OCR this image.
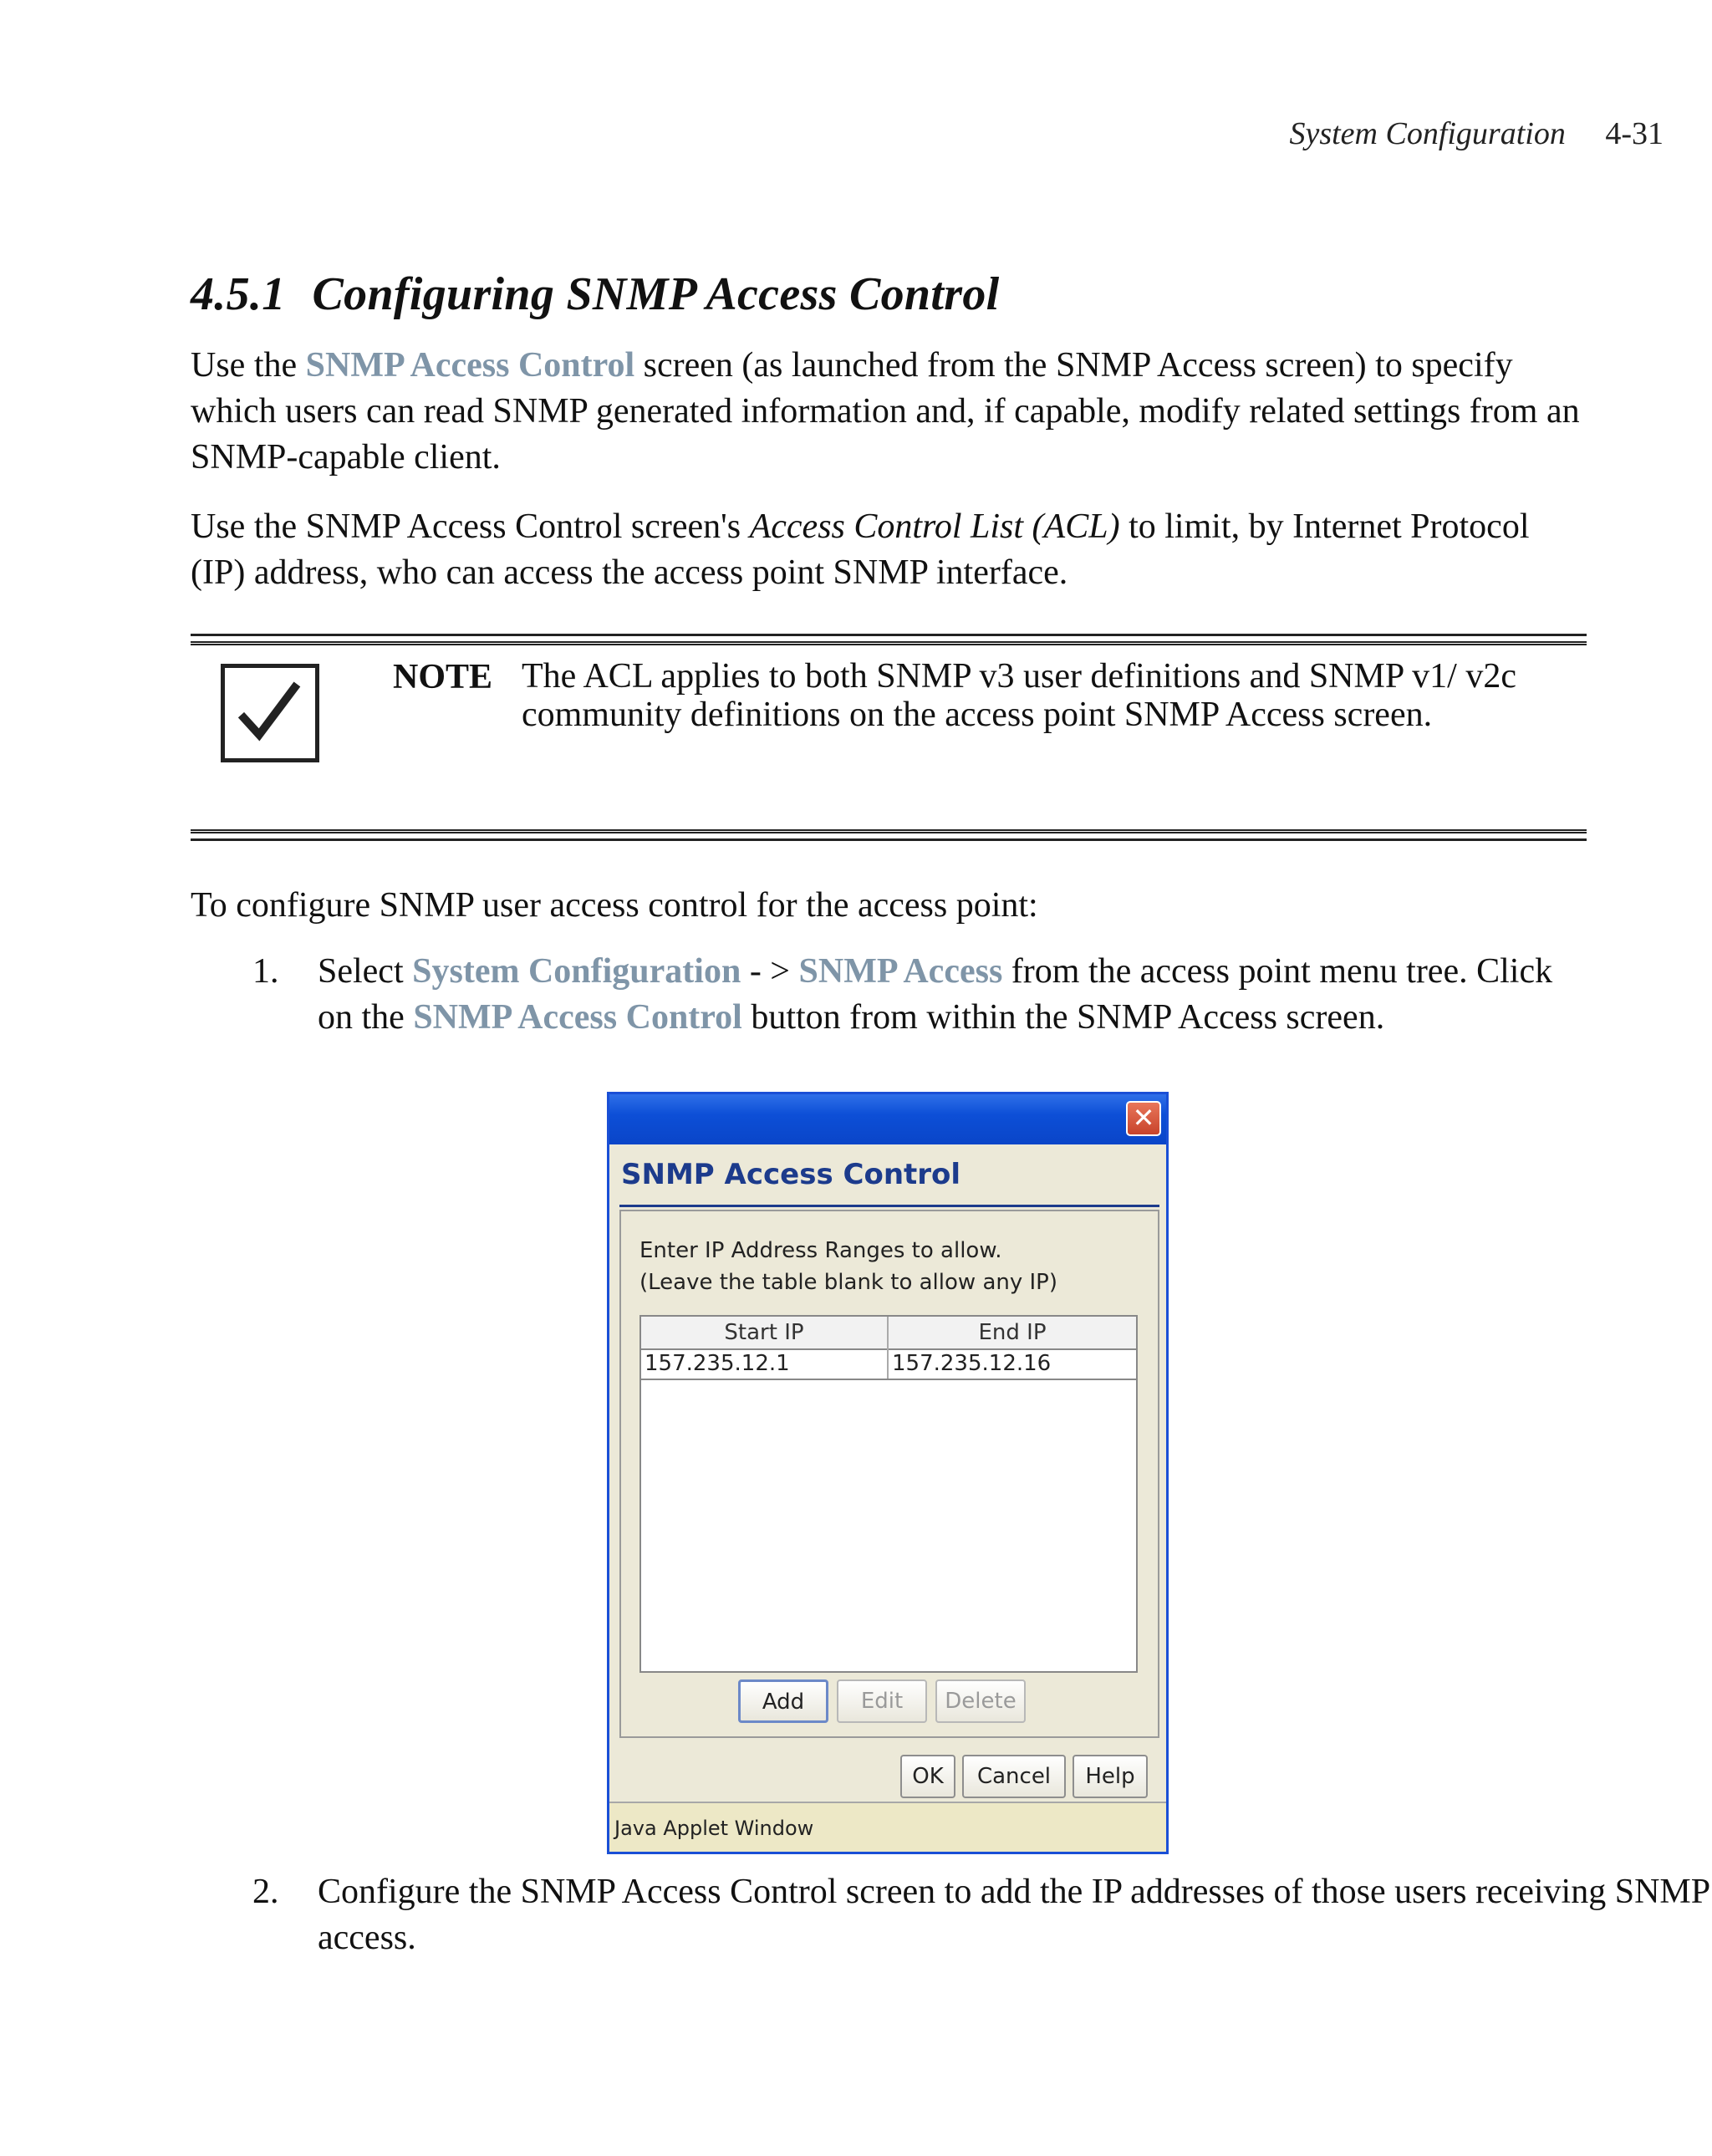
System Configuration 4-31
4.5.1 Configuring SNMP Access Control

Use the SNMP Access Control screen (as launched from the SNMP Access screen) to specify which users can read SNMP generated information and, if capable, modify related settings from an SNMP-capable client.

Use the SNMP Access Control screen's Access Control List (ACL) to limit, by Internet Protocol (IP) address, who can access the access point SNMP interface.

NOTE The ACL applies to both SNMP v3 user definitions and SNMP v1/ v2c community definitions on the access point SNMP Access screen.

To configure SNMP user access control for the access point:

1. Select System Configuration - > SNMP Access from the access point menu tree. Click on the SNMP Access Control button from within the SNMP Access screen.
✕
SNMP Access Control
Enter IP Address Ranges to allow.
(Leave the table blank to allow any IP)
Start IP	End IP
157.235.12.1	157.235.12.16
Add	Edit	Delete
OK	Cancel	Help
Java Applet Window
2. Configure the SNMP Access Control screen to add the IP addresses of those users receiving SNMP access.
